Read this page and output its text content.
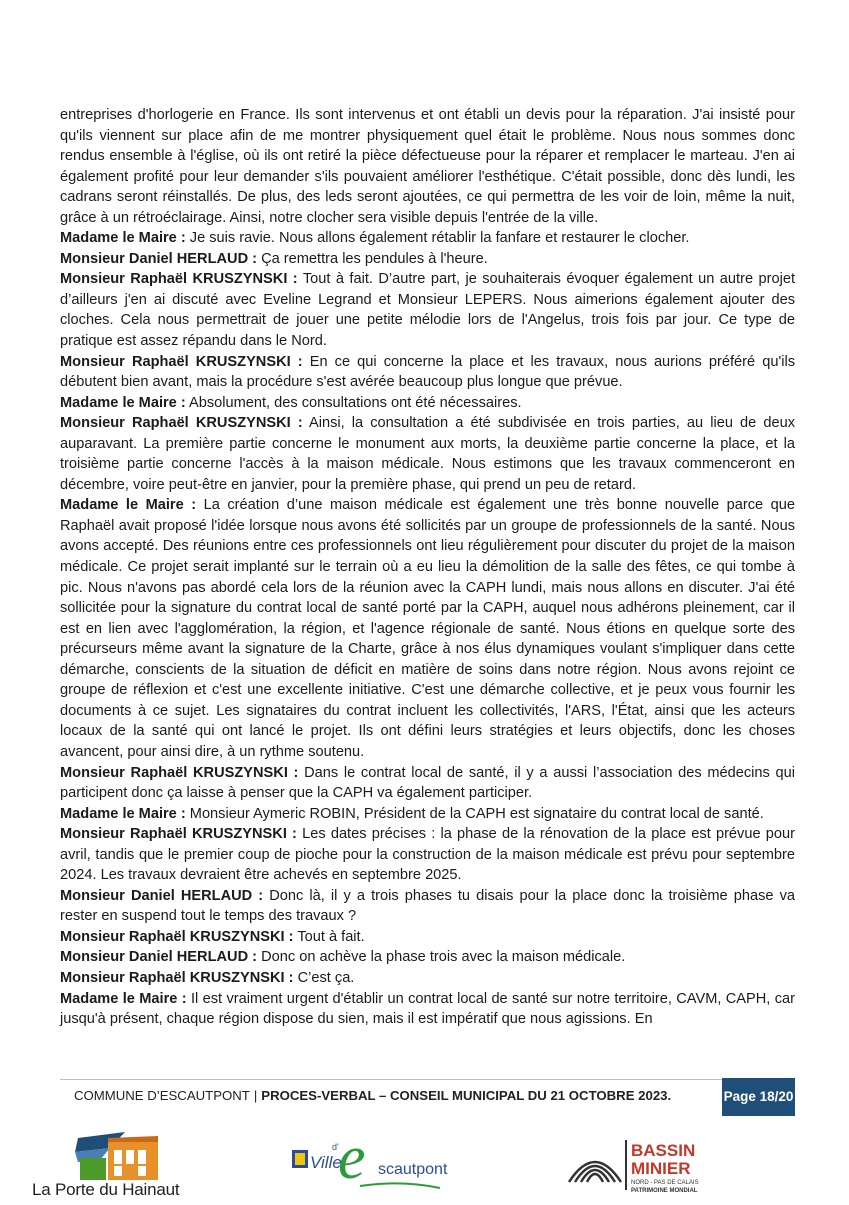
entreprises d'horlogerie en France. Ils sont intervenus et ont établi un devis pour la réparation. J'ai insisté pour qu'ils viennent sur place afin de me montrer physiquement quel était le problème. Nous nous sommes donc rendus ensemble à l'église, où ils ont retiré la pièce défectueuse pour la réparer et remplacer le marteau. J'en ai également profité pour leur demander s'ils pouvaient améliorer l'esthétique. C'était possible, donc dès lundi, les cadrans seront réinstallés. De plus, des leds seront ajoutées, ce qui permettra de les voir de loin, même la nuit, grâce à un rétroéclairage. Ainsi, notre clocher sera visible depuis l'entrée de la ville.

Madame le Maire : Je suis ravie. Nous allons également rétablir la fanfare et restaurer le clocher.

Monsieur Daniel HERLAUD : Ça remettra les pendules à l'heure.

Monsieur Raphaël KRUSZYNSKI : Tout à fait. D’autre part, je souhaiterais évoquer également un autre projet d’ailleurs j'en ai discuté avec Eveline Legrand et Monsieur LEPERS. Nous aimerions également ajouter des cloches. Cela nous permettrait de jouer une petite mélodie lors de l'Angelus, trois fois par jour. Ce type de pratique est assez répandu dans le Nord.

Monsieur Raphaël KRUSZYNSKI : En ce qui concerne la place et les travaux, nous aurions préféré qu'ils débutent bien avant, mais la procédure s'est avérée beaucoup plus longue que prévue.

Madame le Maire : Absolument, des consultations ont été nécessaires.

Monsieur Raphaël KRUSZYNSKI : Ainsi, la consultation a été subdivisée en trois parties, au lieu de deux auparavant. La première partie concerne le monument aux morts, la deuxième partie concerne la place, et la troisième partie concerne l'accès à la maison médicale. Nous estimons que les travaux commenceront en décembre, voire peut-être en janvier, pour la première phase, qui prend un peu de retard.

Madame le Maire : La création d’une maison médicale est également une très bonne nouvelle parce que Raphaël avait proposé l'idée lorsque nous avons été sollicités par un groupe de professionnels de la santé. Nous avons accepté. Des réunions entre ces professionnels ont lieu régulièrement pour discuter du projet de la maison médicale. Ce projet serait implanté sur le terrain où a eu lieu la démolition de la salle des fêtes, ce qui tombe à pic. Nous n'avons pas abordé cela lors de la réunion avec la CAPH lundi, mais nous allons en discuter. J'ai été sollicitée pour la signature du contrat local de santé porté par la CAPH, auquel nous adhérons pleinement, car il est en lien avec l'agglomération, la région, et l'agence régionale de santé. Nous étions en quelque sorte des précurseurs même avant la signature de la Charte, grâce à nos élus dynamiques voulant s'impliquer dans cette démarche, conscients de la situation de déficit en matière de soins dans notre région. Nous avons rejoint ce groupe de réflexion et c'est une excellente initiative. C'est une démarche collective, et je peux vous fournir les documents à ce sujet. Les signataires du contrat incluent les collectivités, l'ARS, l'État, ainsi que les acteurs locaux de la santé qui ont lancé le projet. Ils ont défini leurs stratégies et leurs objectifs, donc les choses avancent, pour ainsi dire, à un rythme soutenu.

Monsieur Raphaël KRUSZYNSKI : Dans le contrat local de santé, il y a aussi l’association des médecins qui participent donc ça laisse à penser que la CAPH va également participer.

Madame le Maire : Monsieur Aymeric ROBIN, Président de la CAPH est signataire du contrat local de santé.

Monsieur Raphaël KRUSZYNSKI : Les dates précises : la phase de la rénovation de la place est prévue pour avril, tandis que le premier coup de pioche pour la construction de la maison médicale est prévu pour septembre 2024. Les travaux devraient être achevés en septembre 2025.

Monsieur Daniel HERLAUD : Donc là, il y a trois phases tu disais pour la place donc la troisième phase va rester en suspend tout le temps des travaux ?

Monsieur Raphaël KRUSZYNSKI : Tout à fait.

Monsieur Daniel HERLAUD : Donc on achève la phase trois avec la maison médicale.

Monsieur Raphaël KRUSZYNSKI : C’est ça.

Madame le Maire : Il est vraiment urgent d'établir un contrat local de santé sur notre territoire, CAVM, CAPH, car jusqu'à présent, chaque région dispose du sien, mais il est impératif que nous agissions. En

COMMUNE D’ESCAUTPONT | PROCES-VERBAL – CONSEIL MUNICIPAL DU 21 OCTOBRE 2023.	Page 18/20
La Porte du Hainaut
Ville
d' e scautpont
BASSIN
MINIER
NORD - PAS DE CALAIS
PATRIMOINE MONDIAL
